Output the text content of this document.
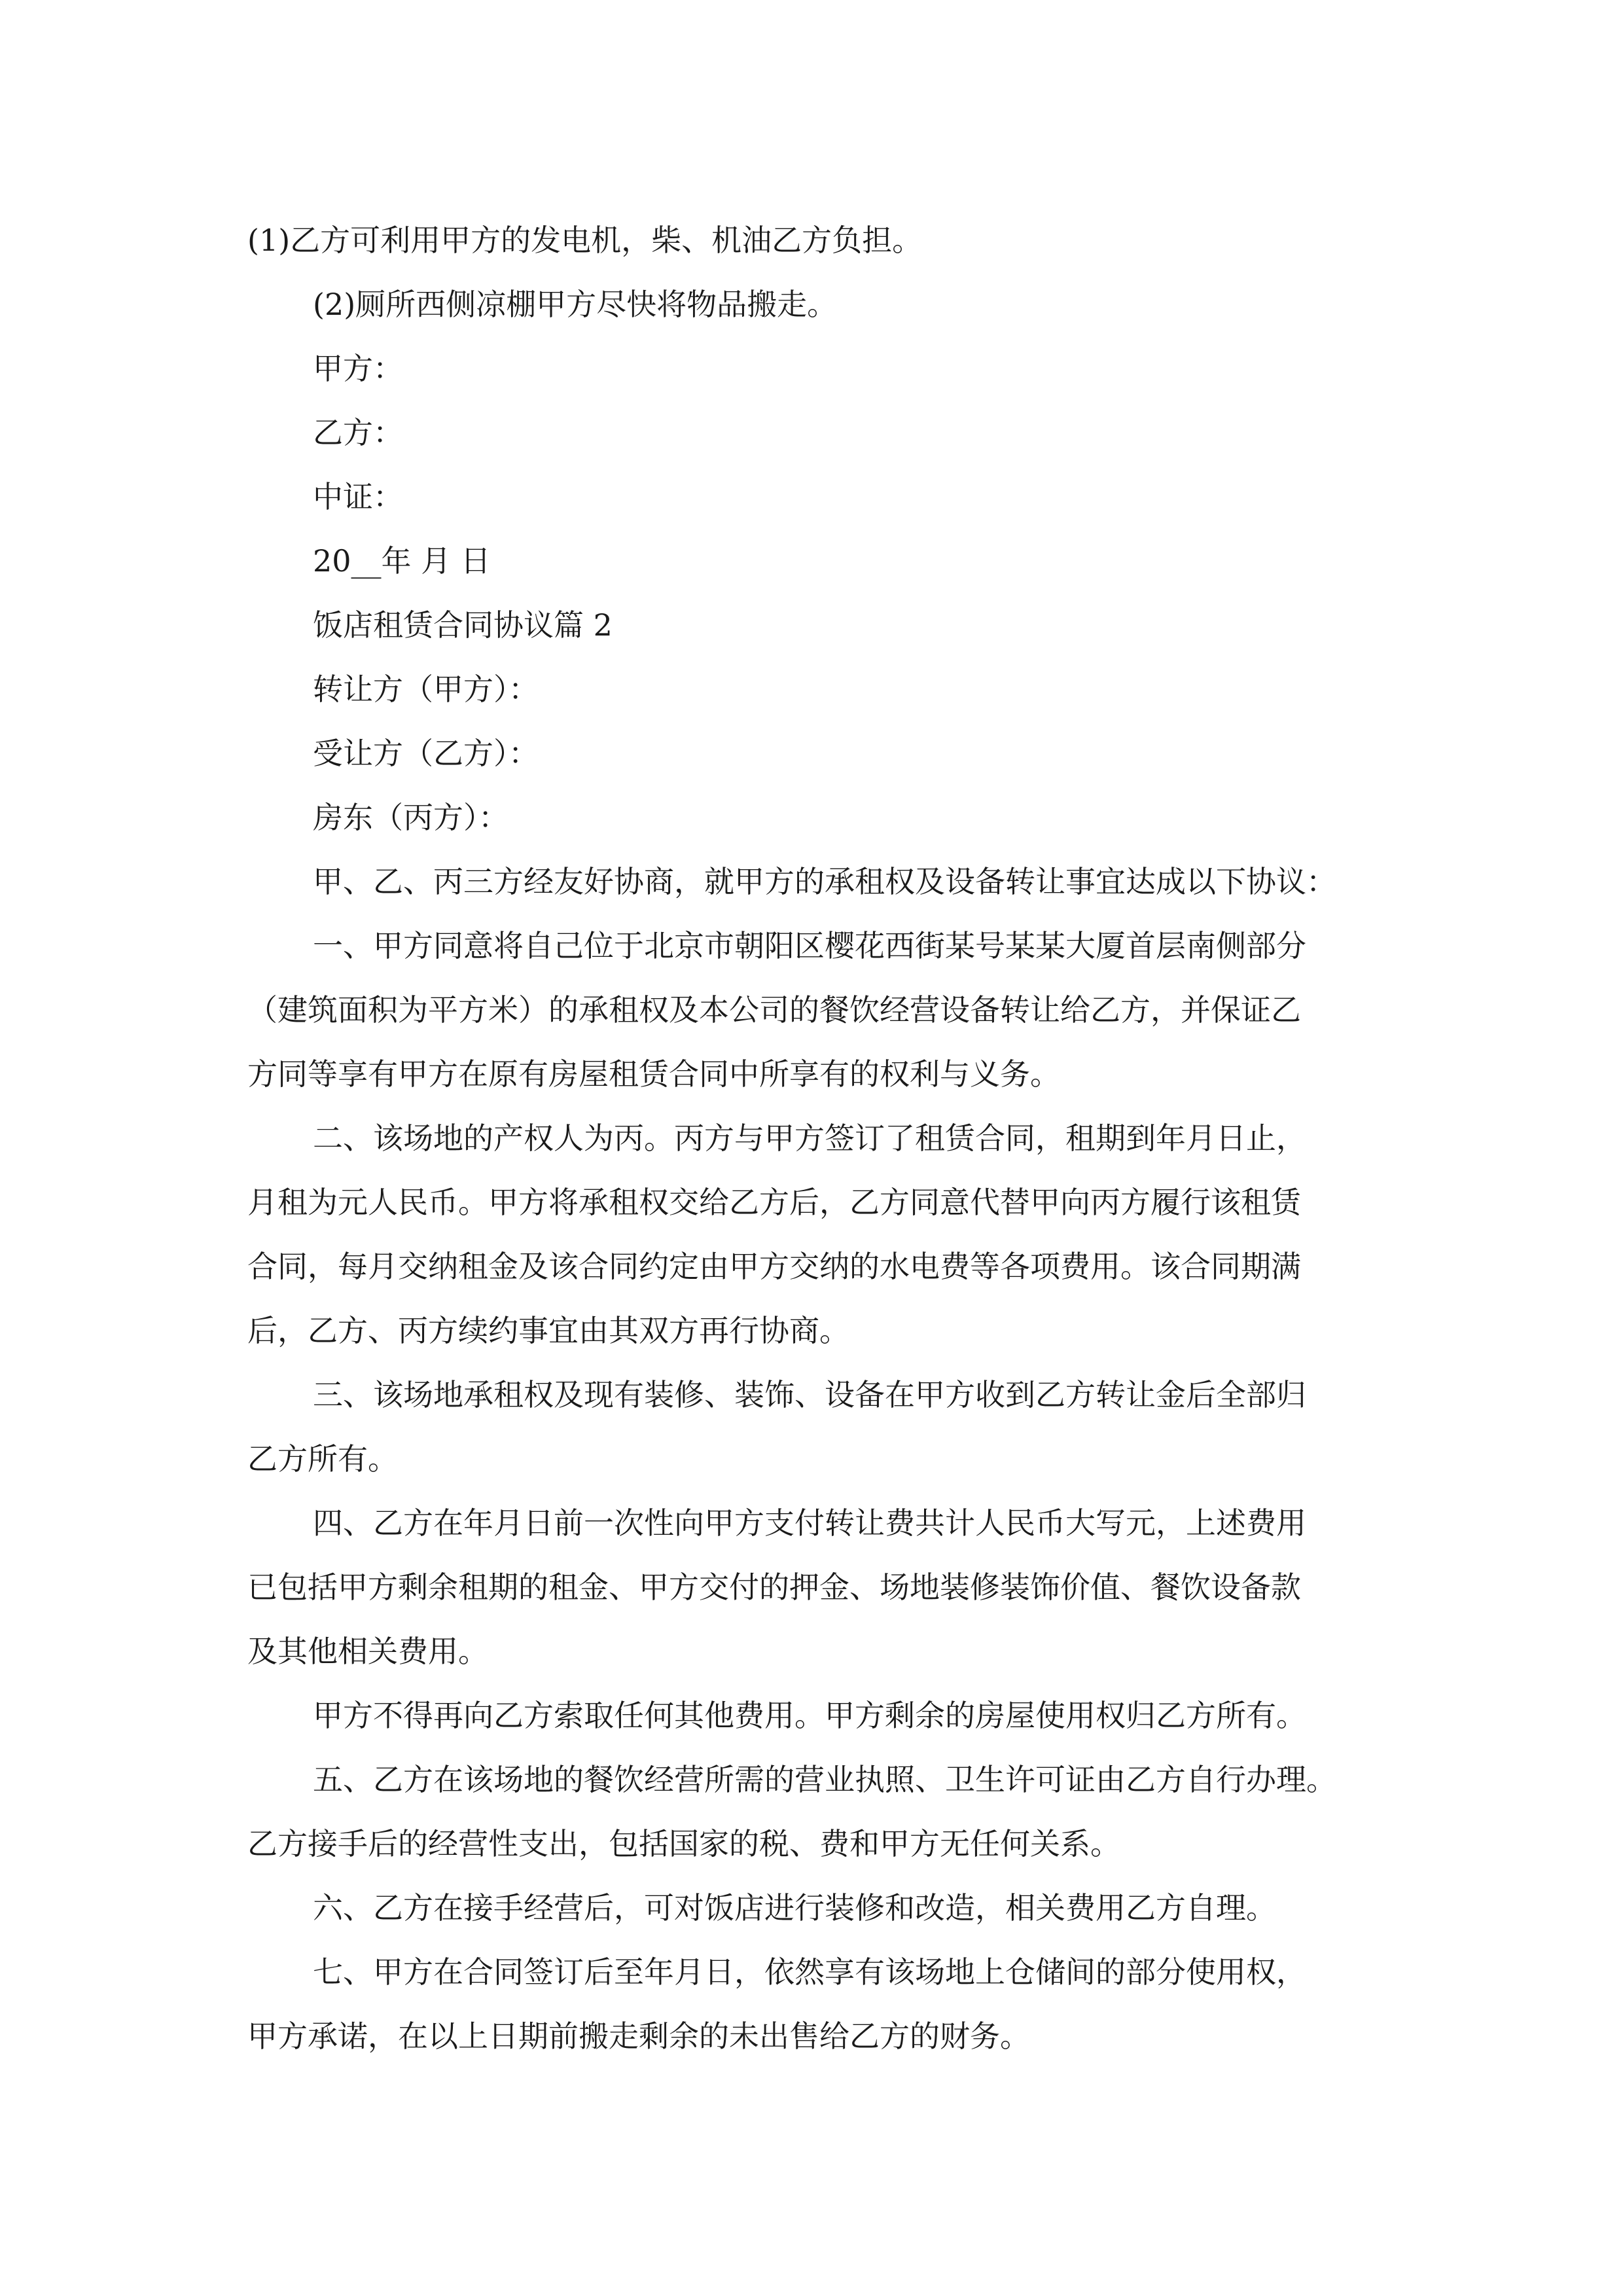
(1)乙方可利用甲方的发电机，柴、机油乙方负担。

(2)厕所西侧凉棚甲方尽快将物品搬走。

甲方：

乙方：

中证：

20__年 月 日

饭店租赁合同协议篇 2

转让方（甲方）：

受让方（乙方）：

房东（丙方）：

甲、乙、丙三方经友好协商，就甲方的承租权及设备转让事宜达成以下协议：

一、甲方同意将自己位于北京市朝阳区樱花西街某号某某大厦首层南侧部分

（建筑面积为平方米）的承租权及本公司的餐饮经营设备转让给乙方，并保证乙

方同等享有甲方在原有房屋租赁合同中所享有的权利与义务。

二、该场地的产权人为丙。丙方与甲方签订了租赁合同，租期到年月日止，

月租为元人民币。甲方将承租权交给乙方后，乙方同意代替甲向丙方履行该租赁

合同，每月交纳租金及该合同约定由甲方交纳的水电费等各项费用。该合同期满

后，乙方、丙方续约事宜由其双方再行协商。

三、该场地承租权及现有装修、装饰、设备在甲方收到乙方转让金后全部归

乙方所有。

四、乙方在年月日前一次性向甲方支付转让费共计人民币大写元，上述费用

已包括甲方剩余租期的租金、甲方交付的押金、场地装修装饰价值、餐饮设备款

及其他相关费用。

甲方不得再向乙方索取任何其他费用。甲方剩余的房屋使用权归乙方所有。

五、乙方在该场地的餐饮经营所需的营业执照、卫生许可证由乙方自行办理。

乙方接手后的经营性支出，包括国家的税、费和甲方无任何关系。

六、乙方在接手经营后，可对饭店进行装修和改造，相关费用乙方自理。

七、甲方在合同签订后至年月日，依然享有该场地上仓储间的部分使用权，

甲方承诺，在以上日期前搬走剩余的未出售给乙方的财务。
